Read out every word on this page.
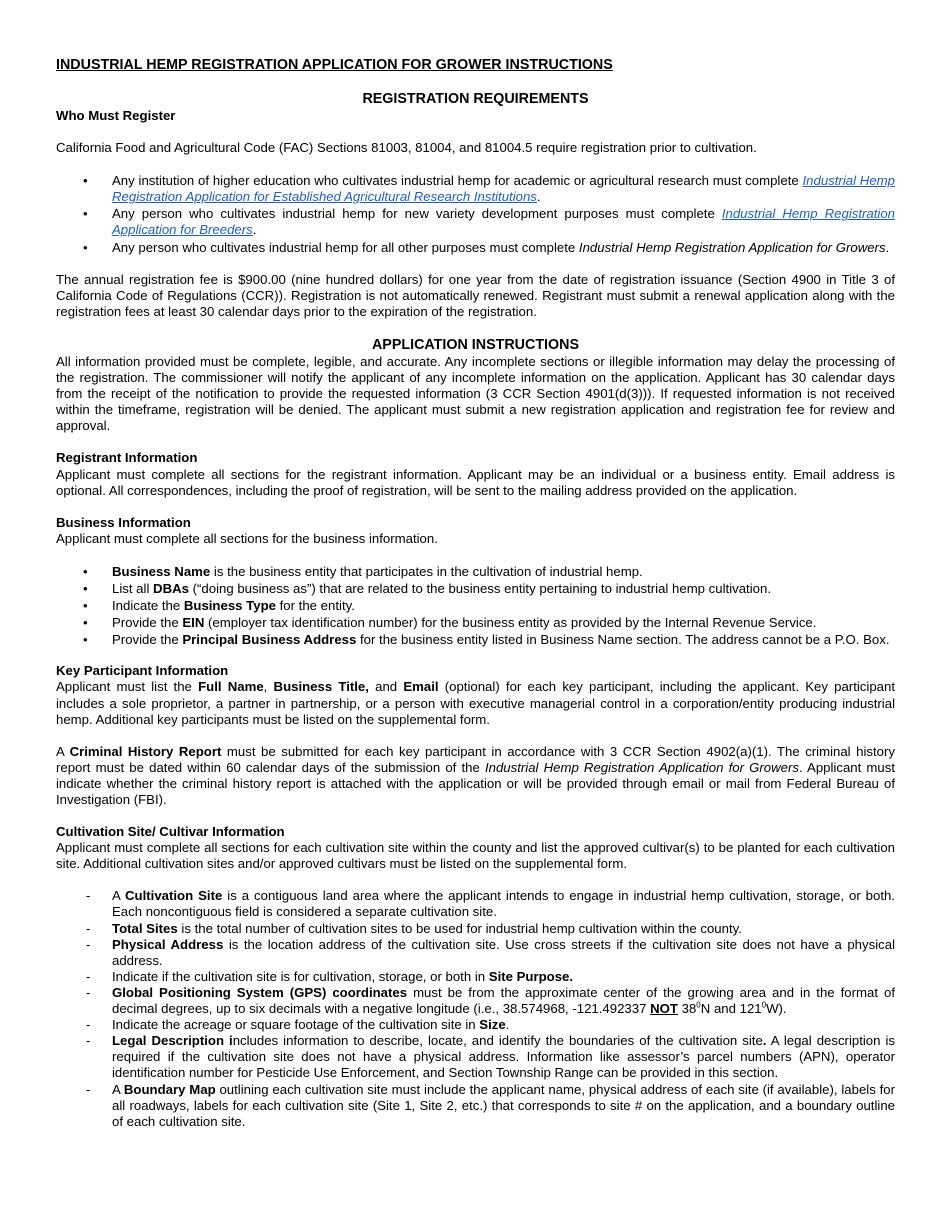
INDUSTRIAL HEMP REGISTRATION APPLICATION FOR GROWER INSTRUCTIONS

REGISTRATION REQUIREMENTS

Who Must Register

California Food and Agricultural Code (FAC) Sections 81003, 81004, and 81004.5 require registration prior to cultivation.

• Any institution of higher education who cultivates industrial hemp for academic or agricultural research must complete Industrial Hemp Registration Application for Established Agricultural Research Institutions.
• Any person who cultivates industrial hemp for new variety development purposes must complete Industrial Hemp Registration Application for Breeders.
• Any person who cultivates industrial hemp for all other purposes must complete Industrial Hemp Registration Application for Growers.

The annual registration fee is $900.00 (nine hundred dollars) for one year from the date of registration issuance (Section 4900 in Title 3 of California Code of Regulations (CCR)). Registration is not automatically renewed. Registrant must submit a renewal application along with the registration fees at least 30 calendar days prior to the expiration of the registration.

APPLICATION INSTRUCTIONS

All information provided must be complete, legible, and accurate. Any incomplete sections or illegible information may delay the processing of the registration. The commissioner will notify the applicant of any incomplete information on the application. Applicant has 30 calendar days from the receipt of the notification to provide the requested information (3 CCR Section 4901(d(3))). If requested information is not received within the timeframe, registration will be denied. The applicant must submit a new registration application and registration fee for review and approval.

Registrant Information

Applicant must complete all sections for the registrant information. Applicant may be an individual or a business entity. Email address is optional. All correspondences, including the proof of registration, will be sent to the mailing address provided on the application.

Business Information

Applicant must complete all sections for the business information.

• Business Name is the business entity that participates in the cultivation of industrial hemp.
• List all DBAs (“doing business as”) that are related to the business entity pertaining to industrial hemp cultivation.
• Indicate the Business Type for the entity.
• Provide the EIN (employer tax identification number) for the business entity as provided by the Internal Revenue Service.
• Provide the Principal Business Address for the business entity listed in Business Name section. The address cannot be a P.O. Box.

Key Participant Information

Applicant must list the Full Name, Business Title, and Email (optional) for each key participant, including the applicant. Key participant includes a sole proprietor, a partner in partnership, or a person with executive managerial control in a corporation/entity producing industrial hemp. Additional key participants must be listed on the supplemental form.

A Criminal History Report must be submitted for each key participant in accordance with 3 CCR Section 4902(a)(1). The criminal history report must be dated within 60 calendar days of the submission of the Industrial Hemp Registration Application for Growers. Applicant must indicate whether the criminal history report is attached with the application or will be provided through email or mail from Federal Bureau of Investigation (FBI).

Cultivation Site/ Cultivar Information

Applicant must complete all sections for each cultivation site within the county and list the approved cultivar(s) to be planted for each cultivation site. Additional cultivation sites and/or approved cultivars must be listed on the supplemental form.

- A Cultivation Site is a contiguous land area where the applicant intends to engage in industrial hemp cultivation, storage, or both. Each noncontiguous field is considered a separate cultivation site.
- Total Sites is the total number of cultivation sites to be used for industrial hemp cultivation within the county.
- Physical Address is the location address of the cultivation site. Use cross streets if the cultivation site does not have a physical address.
- Indicate if the cultivation site is for cultivation, storage, or both in Site Purpose.
- Global Positioning System (GPS) coordinates must be from the approximate center of the growing area and in the format of decimal degrees, up to six decimals with a negative longitude (i.e., 38.574968, -121.492337 NOT $38^0N$ and $121^0W$).
- Indicate the acreage or square footage of the cultivation site in Size.
- Legal Description includes information to describe, locate, and identify the boundaries of the cultivation site. A legal description is required if the cultivation site does not have a physical address. Information like assessor’s parcel numbers (APN), operator identification number for Pesticide Use Enforcement, and Section Township Range can be provided in this section.
- A Boundary Map outlining each cultivation site must include the applicant name, physical address of each site (if available), labels for all roadways, labels for each cultivation site (Site 1, Site 2, etc.) that corresponds to site # on the application, and a boundary outline of each cultivation site.
